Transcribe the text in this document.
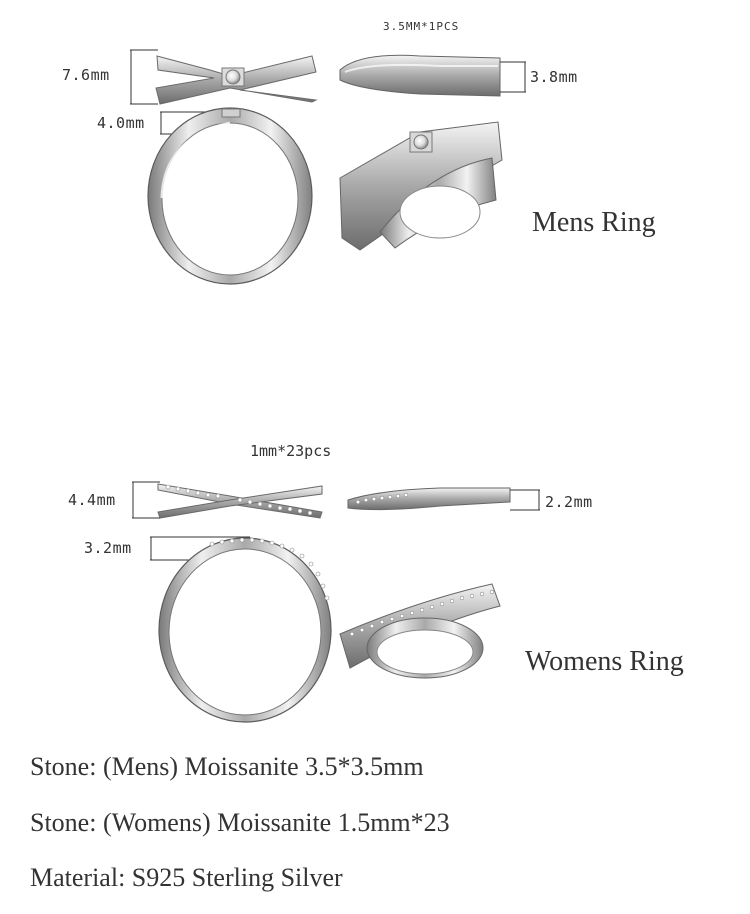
3.5MM*1PCS
7.6mm	3.8mm
4.0mm
Mens Ring
1mm*23pcs
4.4mm	2.2mm
3.2mm
Womens Ring
Stone: (Mens) Moissanite 3.5*3.5mm
Stone: (Womens) Moissanite 1.5mm*23
Material: S925 Sterling Silver
